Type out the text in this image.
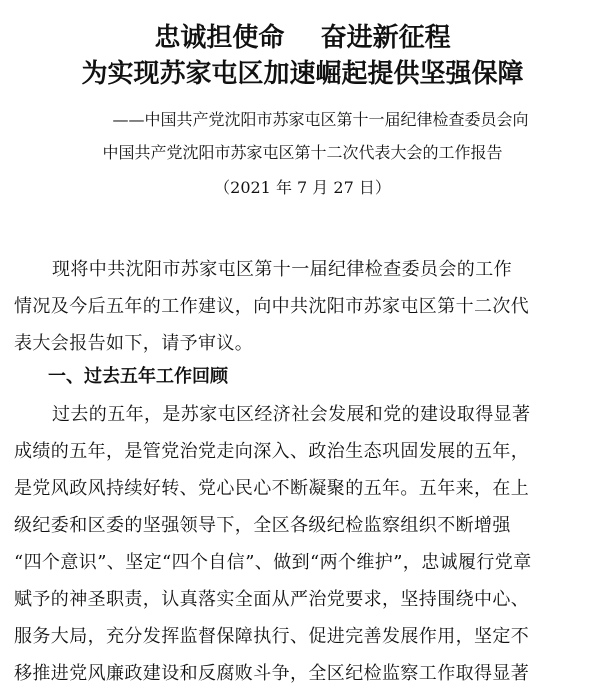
忠诚担使命    奋进新征程
为实现苏家屯区加速崛起提供坚强保障
——中国共产党沈阳市苏家屯区第十一届纪律检查委员会向
中国共产党沈阳市苏家屯区第十二次代表大会的工作报告
（2021 年 7 月 27 日）
现将中共沈阳市苏家屯区第十一届纪律检查委员会的工作
情况及今后五年的工作建议，向中共沈阳市苏家屯区第十二次代
表大会报告如下，请予审议。
一、过去五年工作回顾
过去的五年，是苏家屯区经济社会发展和党的建设取得显著
成绩的五年，是管党治党走向深入、政治生态巩固发展的五年，
是党风政风持续好转、党心民心不断凝聚的五年。五年来，在上
级纪委和区委的坚强领导下，全区各级纪检监察组织不断增强
“四个意识”、坚定“四个自信”、做到“两个维护”，忠诚履行党章
赋予的神圣职责，认真落实全面从严治党要求，坚持围绕中心、
服务大局，充分发挥监督保障执行、促进完善发展作用，坚定不
移推进党风廉政建设和反腐败斗争，全区纪检监察工作取得显著
